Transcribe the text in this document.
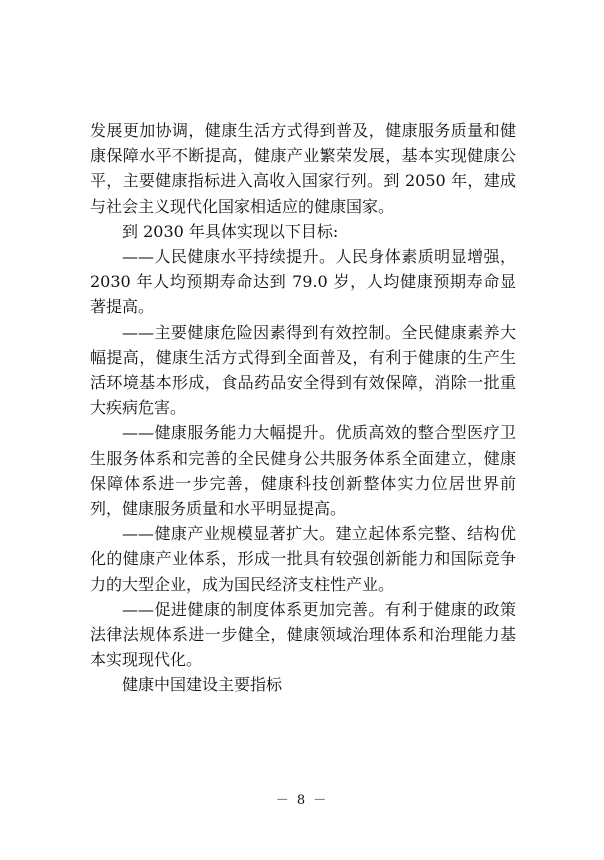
发展更加协调，健康生活方式得到普及，健康服务质量和健康保障水平不断提高，健康产业繁荣发展，基本实现健康公平，主要健康指标进入高收入国家行列。到 2050 年，建成与社会主义现代化国家相适应的健康国家。

到 2030 年具体实现以下目标:

——人民健康水平持续提升。人民身体素质明显增强，2030 年人均预期寿命达到 79.0 岁，人均健康预期寿命显著提高。

——主要健康危险因素得到有效控制。全民健康素养大幅提高，健康生活方式得到全面普及，有利于健康的生产生活环境基本形成，食品药品安全得到有效保障，消除一批重大疾病危害。

——健康服务能力大幅提升。优质高效的整合型医疗卫生服务体系和完善的全民健身公共服务体系全面建立，健康保障体系进一步完善，健康科技创新整体实力位居世界前列，健康服务质量和水平明显提高。

——健康产业规模显著扩大。建立起体系完整、结构优化的健康产业体系，形成一批具有较强创新能力和国际竞争力的大型企业，成为国民经济支柱性产业。

——促进健康的制度体系更加完善。有利于健康的政策法律法规体系进一步健全，健康领域治理体系和治理能力基本实现现代化。

健康中国建设主要指标

－ 8 －
